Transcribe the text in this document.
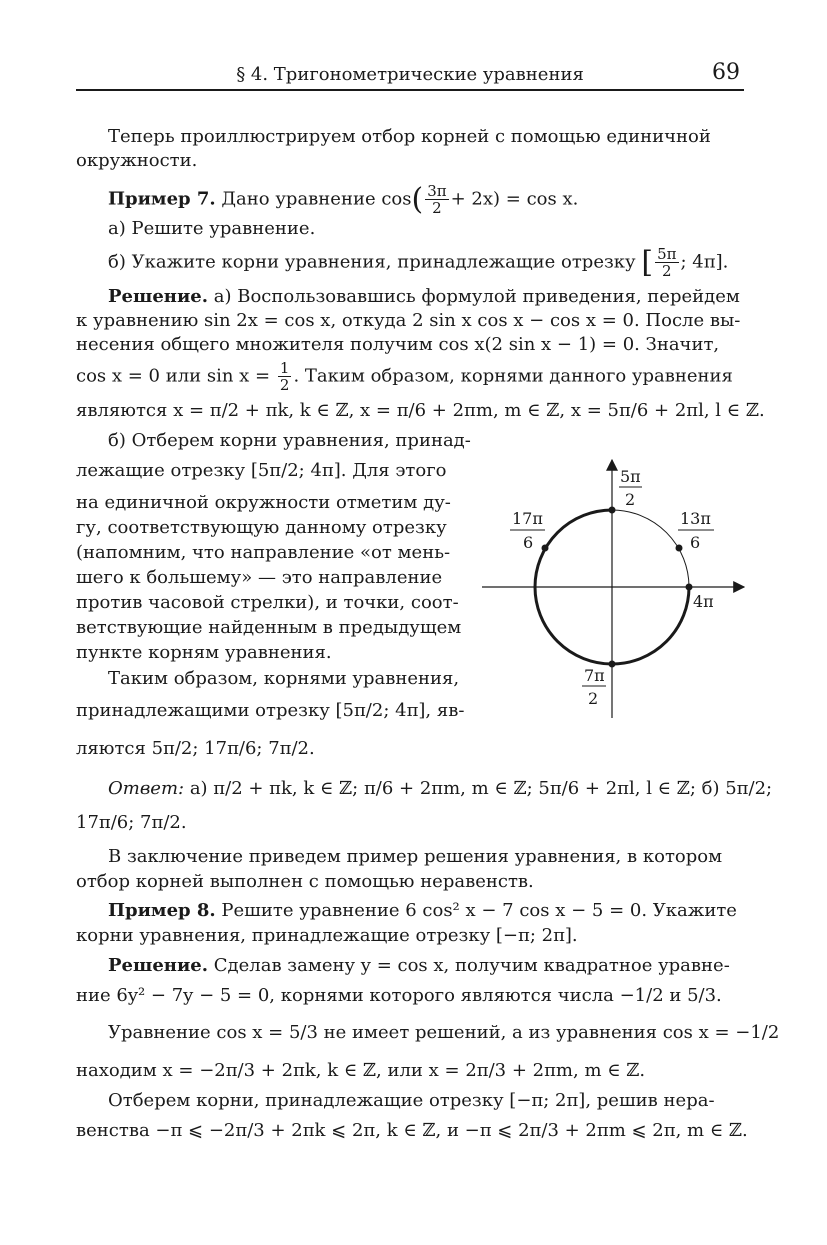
§ 4. Тригонометрические уравнения	69
Теперь проиллюстрируем отбор корней с помощью единичной
окружности.
Пример 7. Дано уравнение $\cos( \frac{3\pi}{2} + 2x) = \cos x$.
а) Решите уравнение.
б) Укажите корни уравнения, принадлежащие отрезку [ $\frac{5\pi}{2}$ ; 4π].
Решение. а) Воспользовавшись формулой приведения, перейдем
к уравнению sin 2x = cos x, откуда 2 sin x cos x − cos x = 0. После вы-
несения общего множителя получим cos x(2 sin x − 1) = 0. Значит,
cos x = 0 или $\sin x = \frac{1}{2}$ . Таким образом, корнями данного уравнения
являются x = π/2 + πk, k ∈ ℤ, x = π/6 + 2πm, m ∈ ℤ, x = 5π/6 + 2πl, l ∈ ℤ.
б) Отберем корни уравнения, принад-
лежащие отрезку [5π/2; 4π]. Для этого
на единичной окружности отметим ду-
гу, соответствующую данному отрезку
(напомним, что направление «от мень-
шего к большему» — это направление
против часовой стрелки), и точки, соот-
ветствующие найденным в предыдущем
пункте корням уравнения.
Таким образом, корнями уравнения,
принадлежащими отрезку [5π/2; 4π], яв-
ляются 5π/2; 17π/6; 7π/2.
Ответ: а) π/2 + πk, k ∈ ℤ; π/6 + 2πm, m ∈ ℤ; 5π/6 + 2πl, l ∈ ℤ; б) 5π/2;
17π/6; 7π/2.
В заключение приведем пример решения уравнения, в котором
отбор корней выполнен с помощью неравенств.
Пример 8. Решите уравнение 6 cos² x − 7 cos x − 5 = 0. Укажите
корни уравнения, принадлежащие отрезку [−π; 2π].
Решение. Сделав замену y = cos x, получим квадратное уравне-
ние 6y² − 7y − 5 = 0, корнями которого являются числа −1/2 и 5/3.
Уравнение cos x = 5/3 не имеет решений, а из уравнения cos x = −1/2
находим x = −2π/3 + 2πk, k ∈ ℤ, или x = 2π/3 + 2πm, m ∈ ℤ.
Отберем корни, принадлежащие отрезку [−π; 2π], решив нера-
венства −π ⩽ −2π/3 + 2πk ⩽ 2π, k ∈ ℤ, и −π ⩽ 2π/3 + 2πm ⩽ 2π, m ∈ ℤ.
5π
2
17π
6
13π
6
4π
7π
2
